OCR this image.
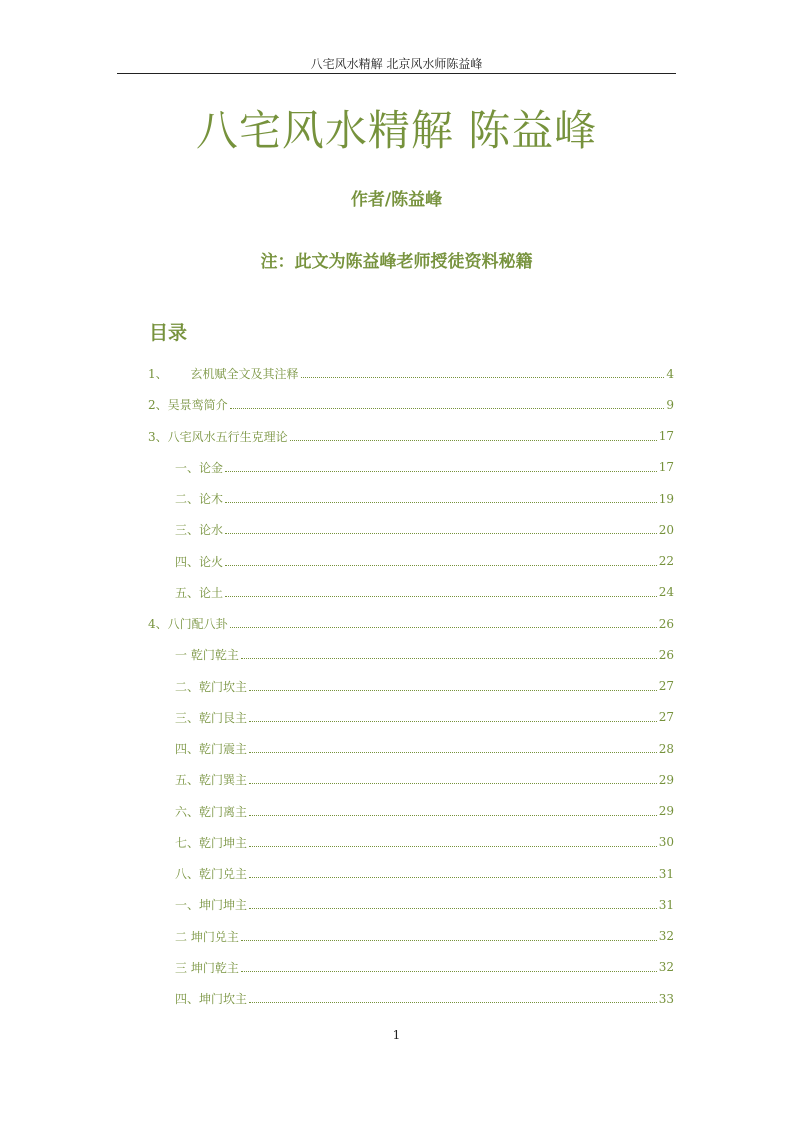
八宅风水精解 北京风水师陈益峰
八宅风水精解 陈益峰
作者/陈益峰
注：此文为陈益峰老师授徒资料秘籍
目录
1、      玄机赋全文及其注释	4
2、吴景鸾简介	9
3、八宅风水五行生克理论	17
一、论金	17
二、论木	19
三、论水	20
四、论火	22
五、论土	24
4、八门配八卦	26
一 乾门乾主	26
二、乾门坎主	27
三、乾门艮主	27
四、乾门震主	28
五、乾门巽主	29
六、乾门离主	29
七、乾门坤主	30
八、乾门兑主	31
一、坤门坤主	31
二 坤门兑主	32
三 坤门乾主	32
四、坤门坎主	33
1
